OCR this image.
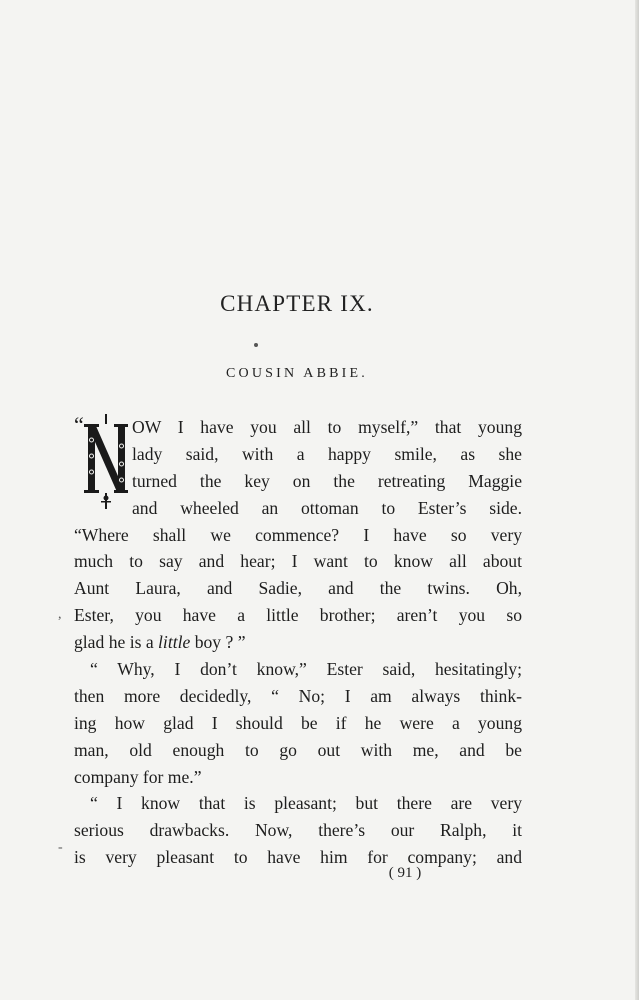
CHAPTER IX.
COUSIN ABBIE.
“	OW I have you all to myself,” that young
lady said, with a happy smile, as she
turned the key on the retreating Maggie
and wheeled an ottoman to Ester’s side.
“Where shall we commence? I have so very
much to say and hear; I want to know all about
Aunt Laura, and Sadie, and the twins. Oh,
Ester, you have a little brother; aren’t you so
glad he is a little boy ? ”
“ Why, I don’t know,” Ester said, hesitatingly;
then more decidedly, “ No; I am always think-
ing how glad I should be if he were a young
man, old enough to go out with me, and be
company for me.”
“ I know that is pleasant; but there are very
serious drawbacks. Now, there’s our Ralph, it
is very pleasant to have him for company; and
,
-
( 91 )
